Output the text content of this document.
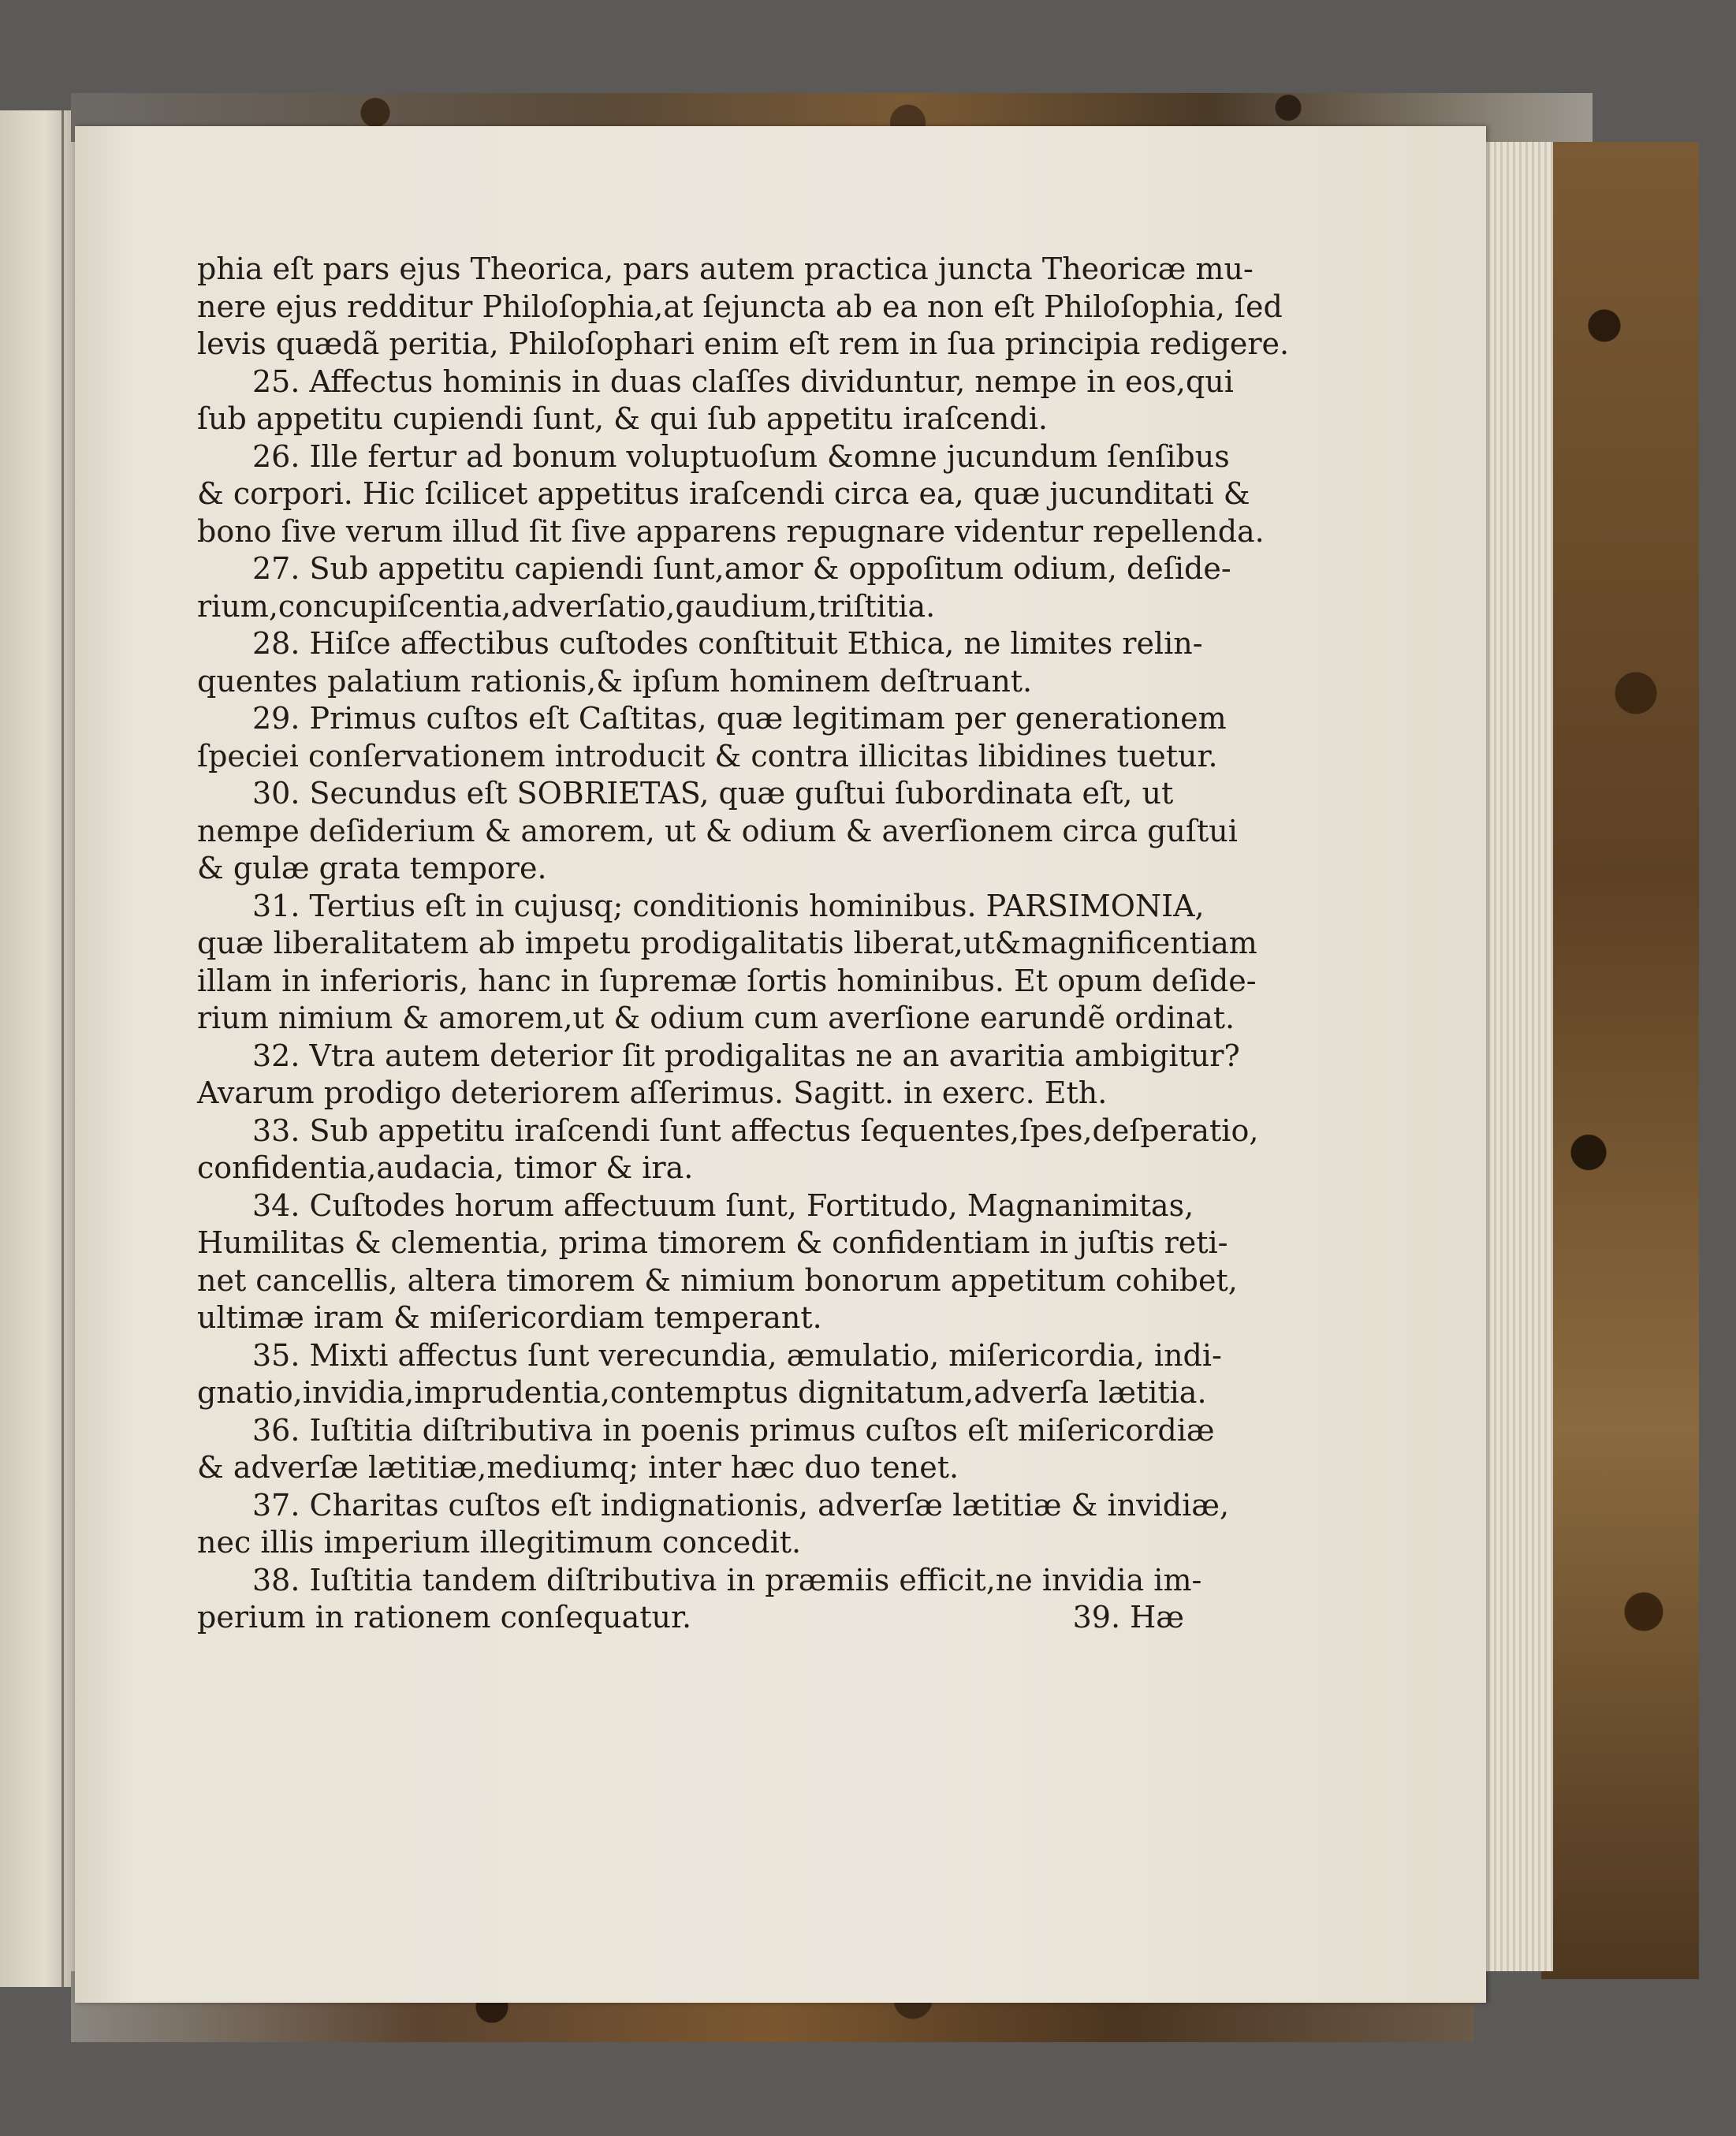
phia eſt pars ejus Theorica, pars autem practica juncta Theoricæ mu-

nere ejus redditur Philoſophia,at ſejuncta ab ea non eſt Philoſophia, ſed

levis quædã peritia, Philoſophari enim eſt rem in ſua principia redigere.

25. Affectus hominis in duas claſſes dividuntur, nempe in eos,qui

ſub appetitu cupiendi ſunt, & qui ſub appetitu iraſcendi.

26. Ille fertur ad bonum voluptuoſum &omne jucundum ſenſibus

& corpori. Hic ſcilicet appetitus iraſcendi circa ea, quæ jucunditati &

bono ſive verum illud ſit ſive apparens repugnare videntur repellenda.

27. Sub appetitu capiendi ſunt,amor & oppoſitum odium, deſide-

rium,concupiſcentia,adverſatio,gaudium,triſtitia.

28. Hiſce affectibus cuſtodes conſtituit Ethica, ne limites relin-

quentes palatium rationis,& ipſum hominem deſtruant.

29. Primus cuſtos eſt Caſtitas, quæ legitimam per generationem

ſpeciei conſervationem introducit & contra illicitas libidines tuetur.

30. Secundus eſt SOBRIETAS, quæ guſtui ſubordinata eſt, ut

nempe deſiderium & amorem, ut & odium & averſionem circa guſtui

& gulæ grata tempore.

31. Tertius eſt in cujusq; conditionis hominibus. PARSIMONIA,

quæ liberalitatem ab impetu prodigalitatis liberat,ut&magnificentiam

illam in inferioris, hanc in ſupremæ ſortis hominibus. Et opum deſide-

rium nimium & amorem,ut & odium cum averſione earundẽ ordinat.

32. Vtra autem deterior ſit prodigalitas ne an avaritia ambigitur?

Avarum prodigo deteriorem aſſerimus. Sagitt. in exerc. Eth.

33. Sub appetitu iraſcendi ſunt affectus ſequentes,ſpes,deſperatio,

confidentia,audacia, timor & ira.

34. Cuſtodes horum affectuum ſunt, Fortitudo, Magnanimitas,

Humilitas & clementia, prima timorem & confidentiam in juſtis reti-

net cancellis, altera timorem & nimium bonorum appetitum cohibet,

ultimæ iram & miſericordiam temperant.

35. Mixti affectus ſunt verecundia, æmulatio, miſericordia, indi-

gnatio,invidia,imprudentia,contemptus dignitatum,adverſa lætitia.

36. Iuſtitia diſtributiva in poenis primus cuſtos eſt miſericordiæ

& adverſæ lætitiæ,mediumq; inter hæc duo tenet.

37. Charitas cuſtos eſt indignationis, adverſæ lætitiæ & invidiæ,

nec illis imperium illegitimum concedit.

38. Iuſtitia tandem diſtributiva in præmiis efficit,ne invidia im-

perium in rationem conſequatur.	39. Hæ
